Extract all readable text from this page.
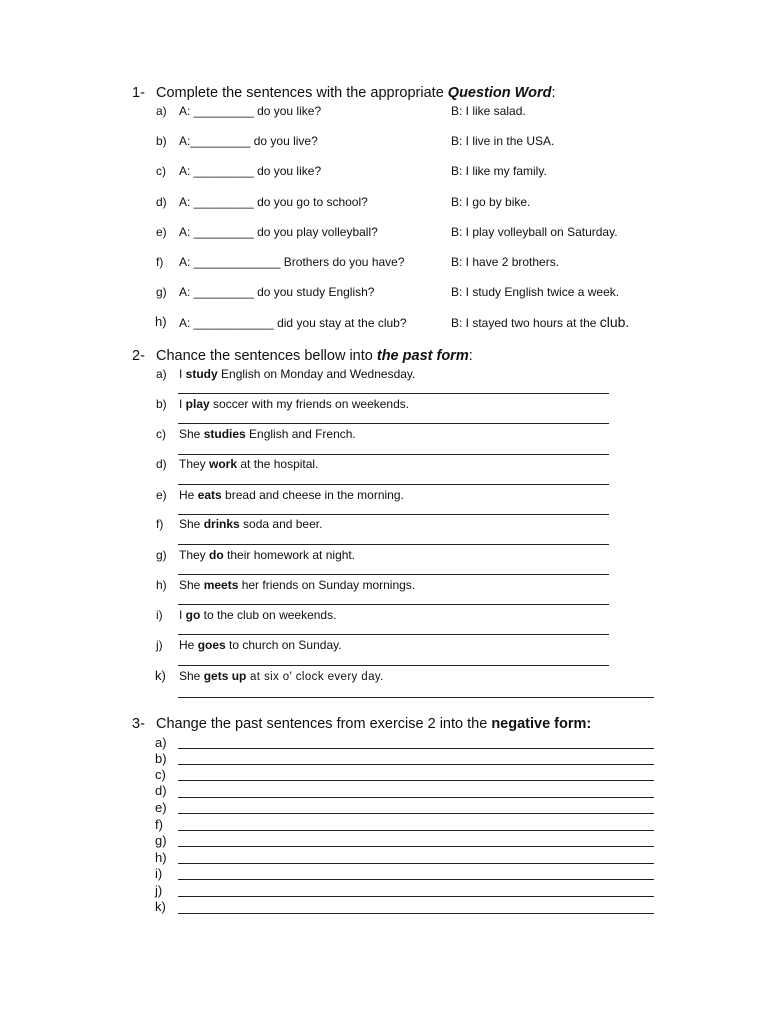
1- Complete the sentences with the appropriate Question Word:
a) A: _________ do you like?	B: I like salad.
b) A:_________ do you live?	B: I live in the USA.
c) A: _________ do you like?	B: I like my family.
d) A: _________ do you go to school?	B: I go by bike.
e) A: _________ do you play volleyball?	B: I play volleyball on Saturday.
f) A: _____________ Brothers do you have?	B: I have 2 brothers.
g) A: _________ do you study English?	B: I study English twice a week.
h) A: ____________ did you stay at the club?	B: I stayed two hours at the club.
2- Chance the sentences bellow into the past form:
a) I study English on Monday and Wednesday.
b) I play soccer with my friends on weekends.
c) She studies English and French.
d) They work at the hospital.
e) He eats bread and cheese in the morning.
f) She drinks soda and beer.
g) They do their homework at night.
h) She meets her friends on Sunday mornings.
i) I go to the club on weekends.
j) He goes to church on Sunday.
k) She gets up at six o' clock every day.
3- Change the past sentences from exercise 2 into the negative form:
a)
b)
c)
d)
e)
f)
g)
h)
i)
j)
k)
